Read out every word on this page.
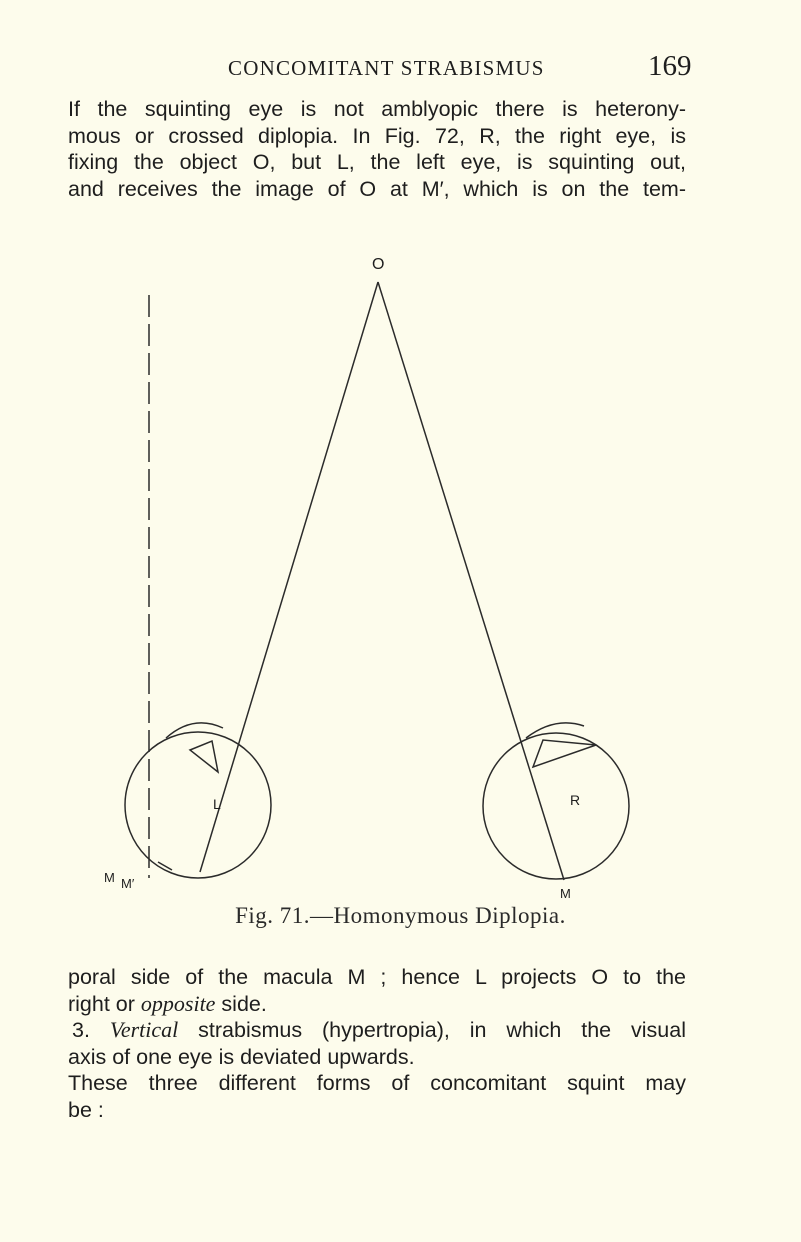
CONCOMITANT STRABISMUS	169
If the squinting eye is not amblyopic there is heterony-
mous or crossed diplopia. In Fig. 72, R, the right eye, is
fixing the object O, but L, the left eye, is squinting out,
and receives the image of O at M′, which is on the tem-
O
L	R
M M′
M
Fig. 71.—Homonymous Diplopia.
poral side of the macula M ; hence L projects O to the
right or opposite side.
3. Vertical strabismus (hypertropia), in which the visual
axis of one eye is deviated upwards.
These three different forms of concomitant squint may
be :
